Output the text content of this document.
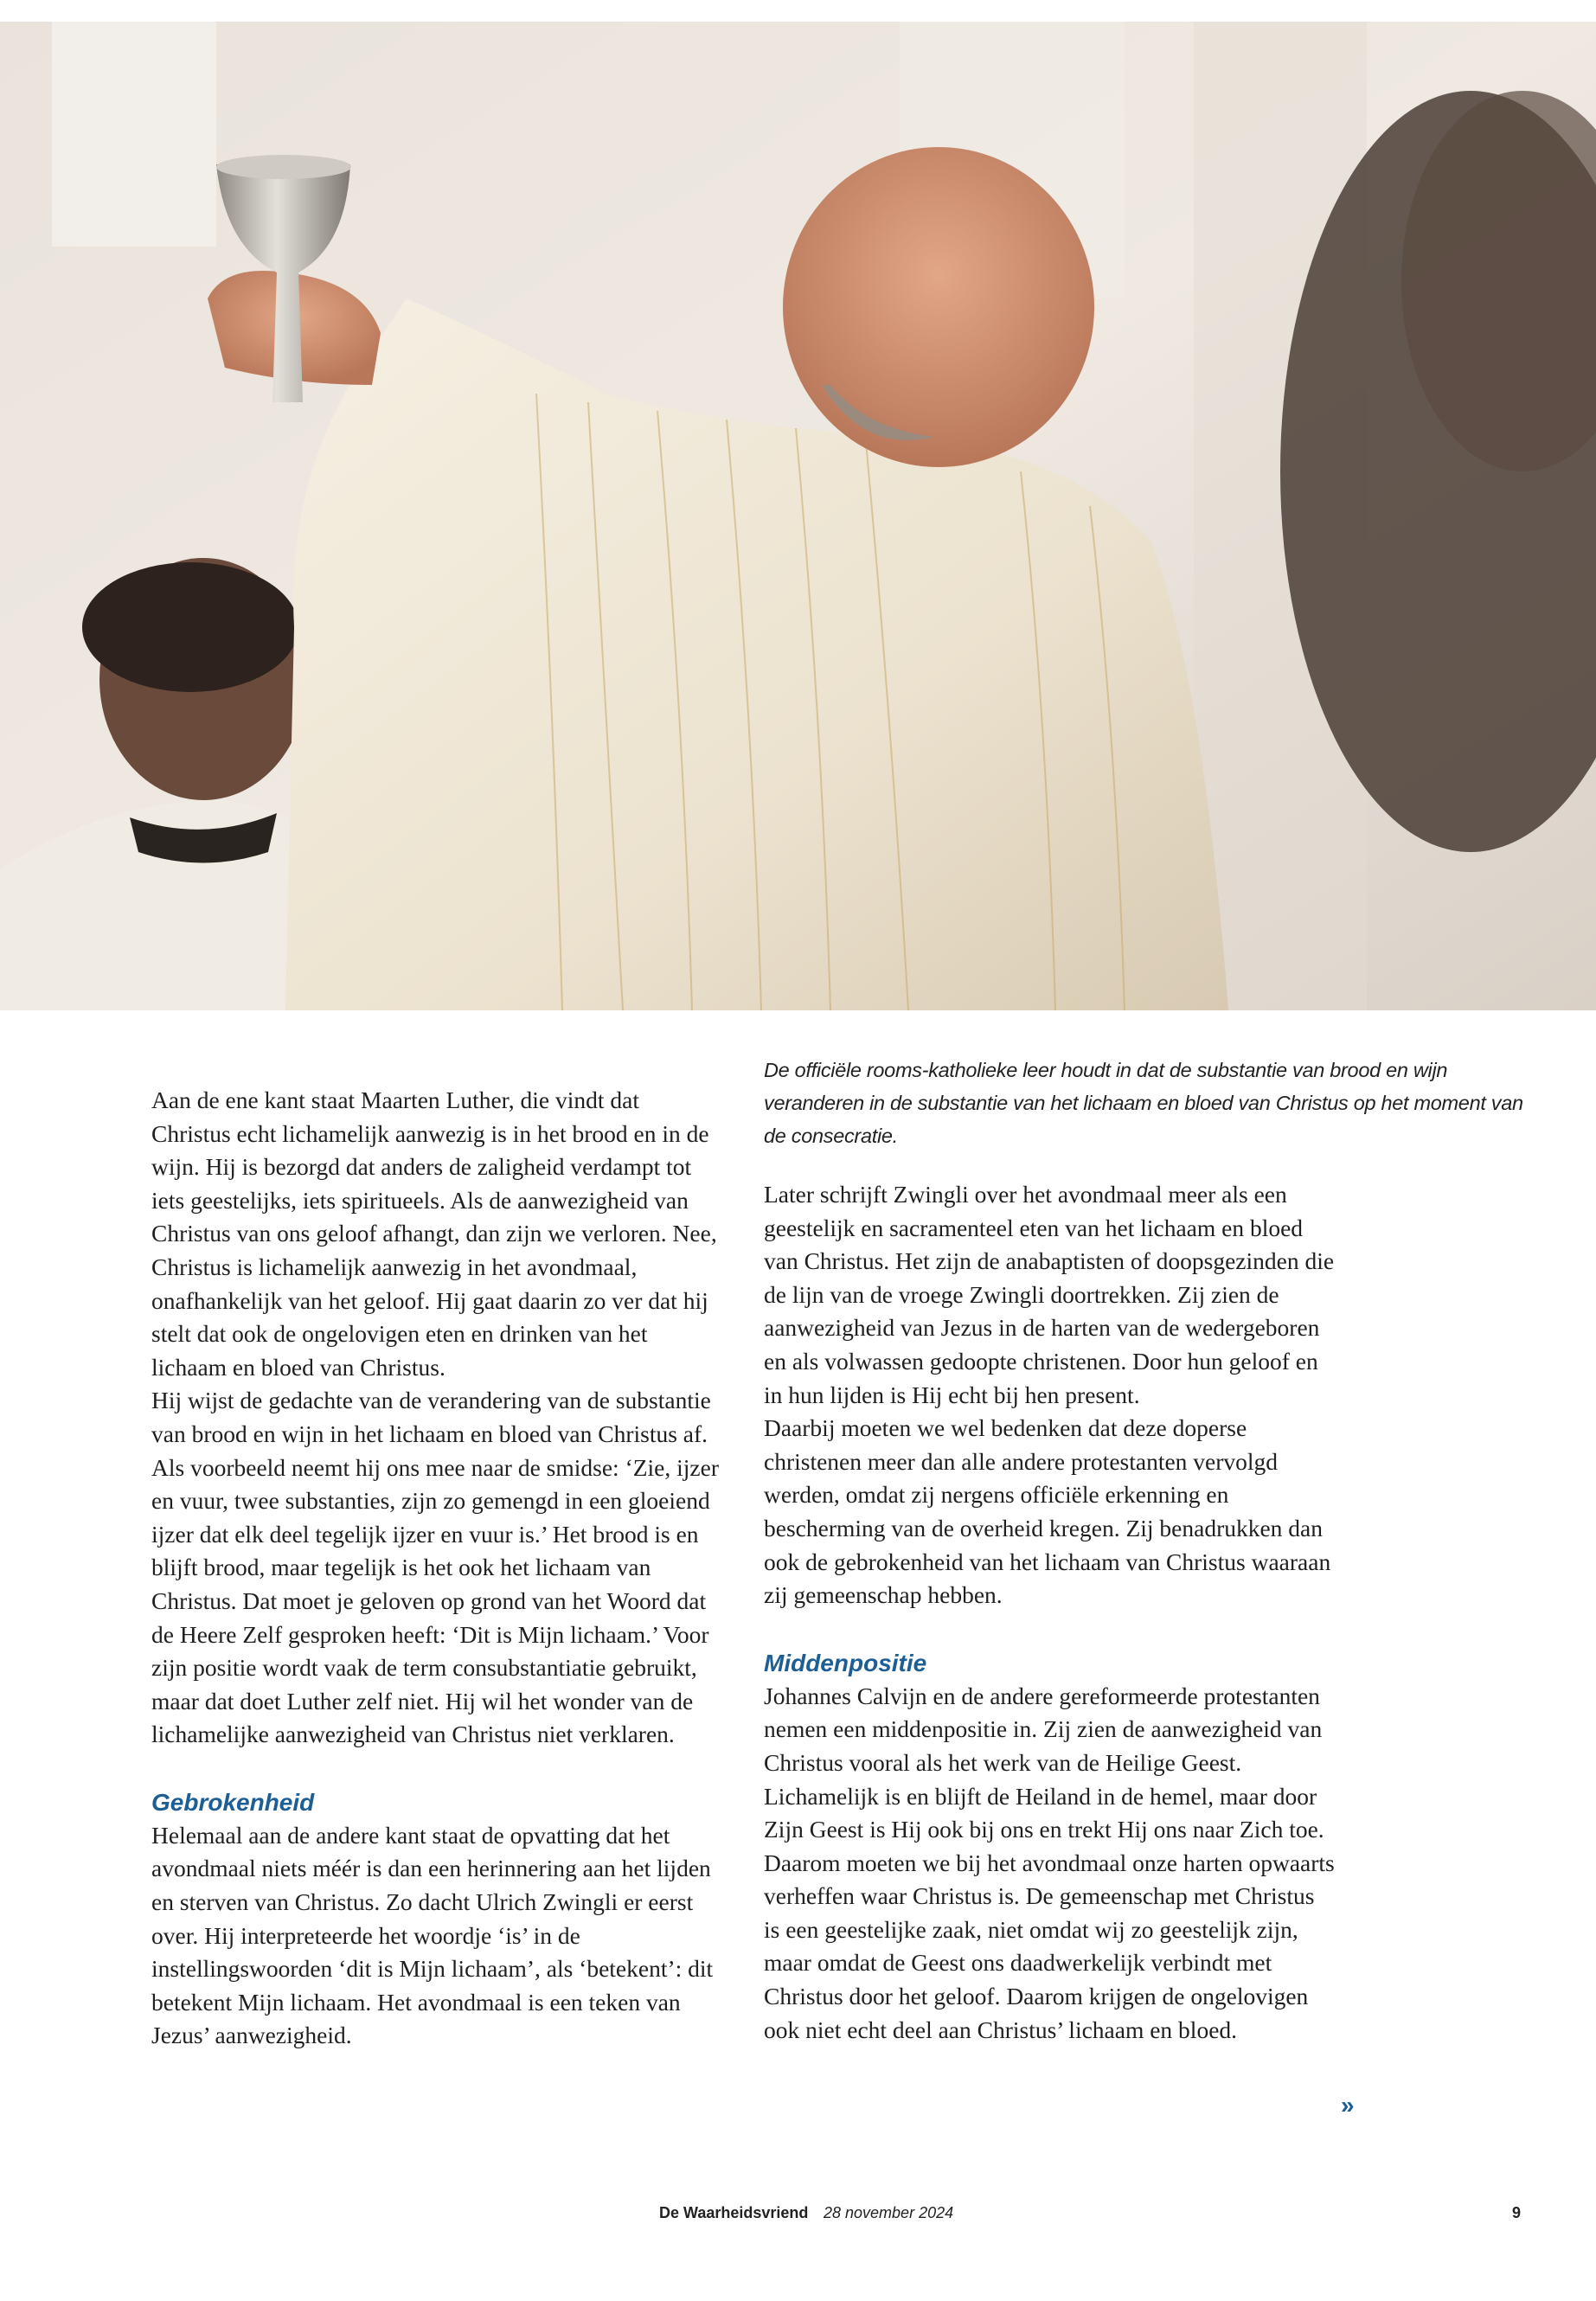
Aan de ene kant staat Maarten Luther, die vindt dat Christus echt lichamelijk aanwezig is in het brood en in de wijn. Hij is bezorgd dat anders de zaligheid verdampt tot iets geestelijks, iets spiritueels. Als de aanwezigheid van Christus van ons geloof afhangt, dan zijn we verloren. Nee, Christus is lichamelijk aanwezig in het avondmaal, onafhankelijk van het geloof. Hij gaat daarin zo ver dat hij stelt dat ook de ongelovigen eten en drinken van het lichaam en bloed van Christus.

Hij wijst de gedachte van de verandering van de substantie van brood en wijn in het lichaam en bloed van Christus af. Als voorbeeld neemt hij ons mee naar de smidse: ‘Zie, ijzer en vuur, twee substanties, zijn zo gemengd in een gloeiend ijzer dat elk deel tegelijk ijzer en vuur is.’ Het brood is en blijft brood, maar tegelijk is het ook het lichaam van Christus. Dat moet je geloven op grond van het Woord dat de Heere Zelf gesproken heeft: ‘Dit is Mijn lichaam.’ Voor zijn positie wordt vaak de term consubstantiatie gebruikt, maar dat doet Luther zelf niet. Hij wil het wonder van de lichamelijke aanwezigheid van Christus niet verklaren.

Gebrokenheid

Helemaal aan de andere kant staat de opvatting dat het avondmaal niets méér is dan een herinnering aan het lijden en sterven van Christus. Zo dacht Ulrich Zwingli er eerst over. Hij interpreteerde het woordje ‘is’ in de instellingswoorden ‘dit is Mijn lichaam’, als ‘betekent’: dit betekent Mijn lichaam. Het avondmaal is een teken van Jezus’ aanwezigheid.

De officiële rooms-katholieke leer houdt in dat de substantie van brood en wijn veranderen in de substantie van het lichaam en bloed van Christus op het moment van de consecratie.

Later schrijft Zwingli over het avondmaal meer als een geestelijk en sacramenteel eten van het lichaam en bloed van Christus. Het zijn de anabaptisten of doopsgezinden die de lijn van de vroege Zwingli doortrekken. Zij zien de aanwezigheid van Jezus in de harten van de wedergeboren en als volwassen gedoopte christenen. Door hun geloof en in hun lijden is Hij echt bij hen present.

Daarbij moeten we wel bedenken dat deze doperse christenen meer dan alle andere protestanten vervolgd werden, omdat zij nergens officiële erkenning en bescherming van de overheid kregen. Zij benadrukken dan ook de gebrokenheid van het lichaam van Christus waaraan zij gemeenschap hebben.

Middenpositie

Johannes Calvijn en de andere gereformeerde protestanten nemen een middenpositie in. Zij zien de aanwezigheid van Christus vooral als het werk van de Heilige Geest. Lichamelijk is en blijft de Heiland in de hemel, maar door Zijn Geest is Hij ook bij ons en trekt Hij ons naar Zich toe. Daarom moeten we bij het avondmaal onze harten opwaarts verheffen waar Christus is. De gemeenschap met Christus is een geestelijke zaak, niet omdat wij zo geestelijk zijn, maar omdat de Geest ons daadwerkelijk verbindt met Christus door het geloof. Daarom krijgen de ongelovigen ook niet echt deel aan Christus’ lichaam en bloed.

»
De Waarheidsvriend 28 november 2024	9
